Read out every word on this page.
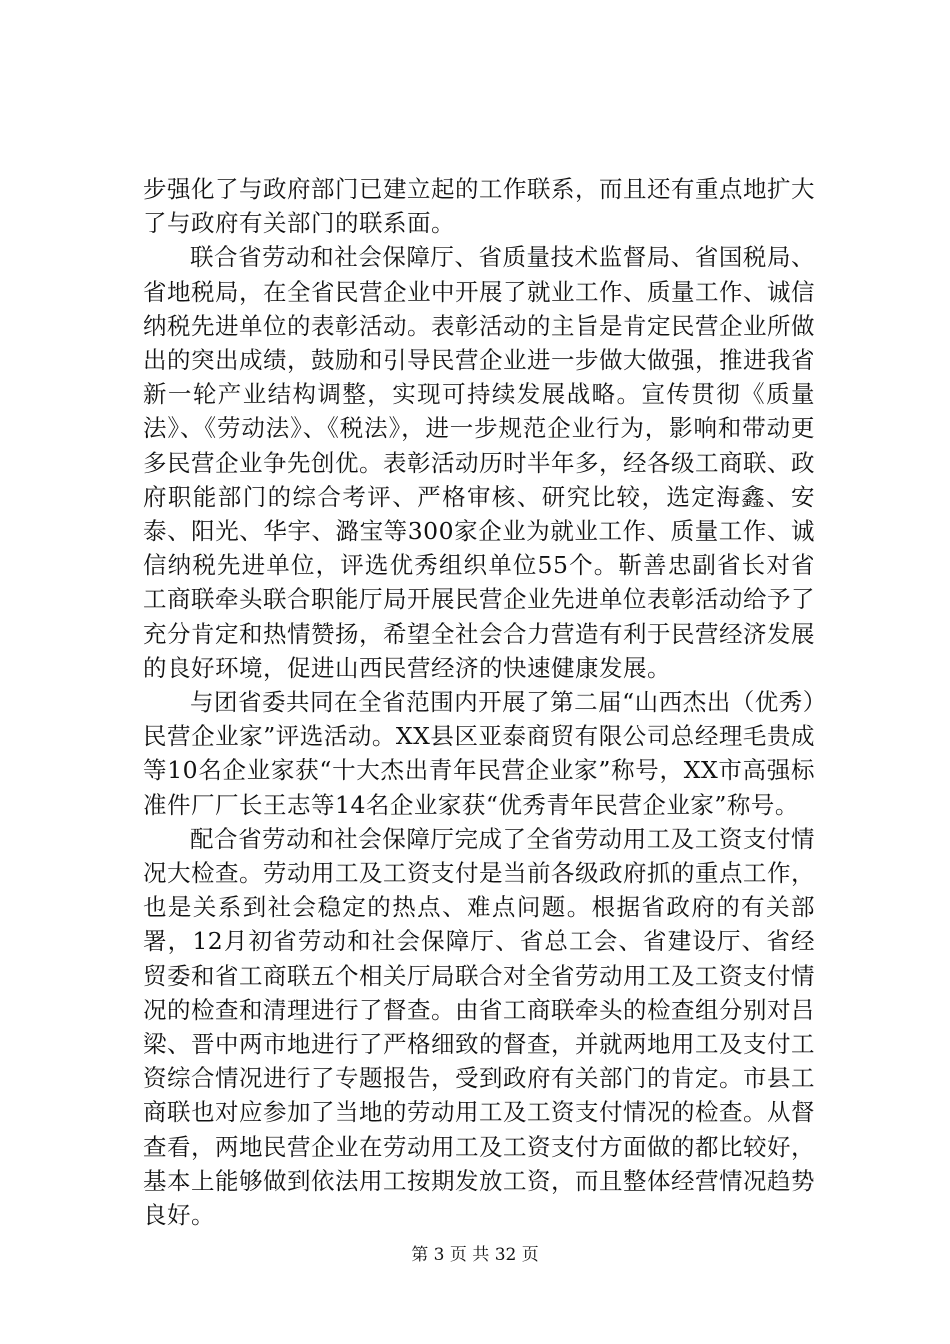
步强化了与政府部门已建立起的工作联系，而且还有重点地扩大了与政府有关部门的联系面。

联合省劳动和社会保障厅、省质量技术监督局、省国税局、省地税局，在全省民营企业中开展了就业工作、质量工作、诚信纳税先进单位的表彰活动。表彰活动的主旨是肯定民营企业所做出的突出成绩，鼓励和引导民营企业进一步做大做强，推进我省新一轮产业结构调整，实现可持续发展战略。宣传贯彻《质量法》、《劳动法》、《税法》，进一步规范企业行为，影响和带动更多民营企业争先创优。表彰活动历时半年多，经各级工商联、政府职能部门的综合考评、严格审核、研究比较，选定海鑫、安泰、阳光、华宇、潞宝等300家企业为就业工作、质量工作、诚信纳税先进单位，评选优秀组织单位55个。靳善忠副省长对省工商联牵头联合职能厅局开展民营企业先进单位表彰活动给予了充分肯定和热情赞扬，希望全社会合力营造有利于民营经济发展的良好环境，促进山西民营经济的快速健康发展。

与团省委共同在全省范围内开展了第二届“山西杰出（优秀）民营企业家”评选活动。XX县区亚泰商贸有限公司总经理毛贵成等10名企业家获“十大杰出青年民营企业家”称号，XX市高强标准件厂厂长王志等14名企业家获“优秀青年民营企业家”称号。

配合省劳动和社会保障厅完成了全省劳动用工及工资支付情况大检查。劳动用工及工资支付是当前各级政府抓的重点工作，也是关系到社会稳定的热点、难点问题。根据省政府的有关部署，12月初省劳动和社会保障厅、省总工会、省建设厅、省经贸委和省工商联五个相关厅局联合对全省劳动用工及工资支付情况的检查和清理进行了督查。由省工商联牵头的检查组分别对吕梁、晋中两市地进行了严格细致的督查，并就两地用工及支付工资综合情况进行了专题报告，受到政府有关部门的肯定。市县工商联也对应参加了当地的劳动用工及工资支付情况的检查。从督查看，两地民营企业在劳动用工及工资支付方面做的都比较好，基本上能够做到依法用工按期发放工资，而且整体经营情况趋势良好。

第 3 页 共 32 页
